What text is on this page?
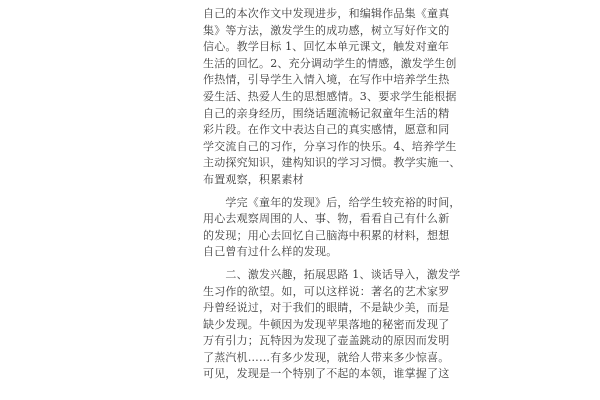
自己的本次作文中发现进步，和编辑作品集《童真
集》等方法，激发学生的成功感，树立写好作文的
信心。教学目标 1、回忆本单元课文，触发对童年
生活的回忆。2、充分调动学生的情感，激发学生创
作热情，引导学生入情入境，在写作中培养学生热
爱生活、热爱人生的思想感情。3、要求学生能根据
自己的亲身经历，围绕话题流畅记叙童年生活的精
彩片段。在作文中表达自己的真实感情，愿意和同
学交流自己的习作，分享习作的快乐。4、培养学生
主动探究知识，建构知识的学习习惯。教学实施一、
布置观察，积累素材
　　学完《童年的发现》后，给学生较充裕的时间，
用心去观察周围的人、事、物，看看自己有什么新
的发现；用心去回忆自己脑海中积累的材料，想想
自己曾有过什么样的发现。
　　二、激发兴趣，拓展思路 1、谈话导入，激发学
生习作的欲望。如，可以这样说：著名的艺术家罗
丹曾经说过，对于我们的眼睛，不是缺少美，而是
缺少发现。牛顿因为发现苹果落地的秘密而发现了
万有引力；瓦特因为发现了壶盖跳动的原因而发明
了蒸汽机……有多少发现，就给人带来多少惊喜。
可见，发现是一个特别了不起的本领，谁掌握了这
